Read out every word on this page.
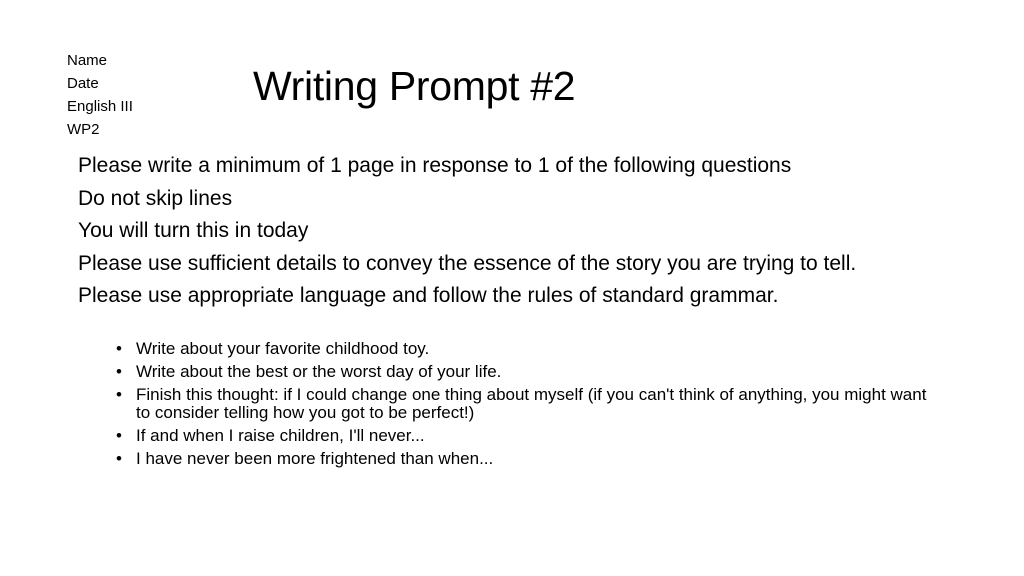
Name
Date
English III
WP2
Writing Prompt #2
Please write a minimum of 1 page in response to 1 of the following questions
Do not skip lines
You will turn this in today
Please use sufficient details to convey the essence of the story you are trying to tell.
Please use appropriate language and follow the rules of standard grammar.
• Write about your favorite childhood toy.
• Write about the best or the worst day of your life.
• Finish this thought: if I could change one thing about myself (if you can't think of anything, you might want to consider telling how you got to be perfect!)
• If and when I raise children, I'll never...
• I have never been more frightened than when...
